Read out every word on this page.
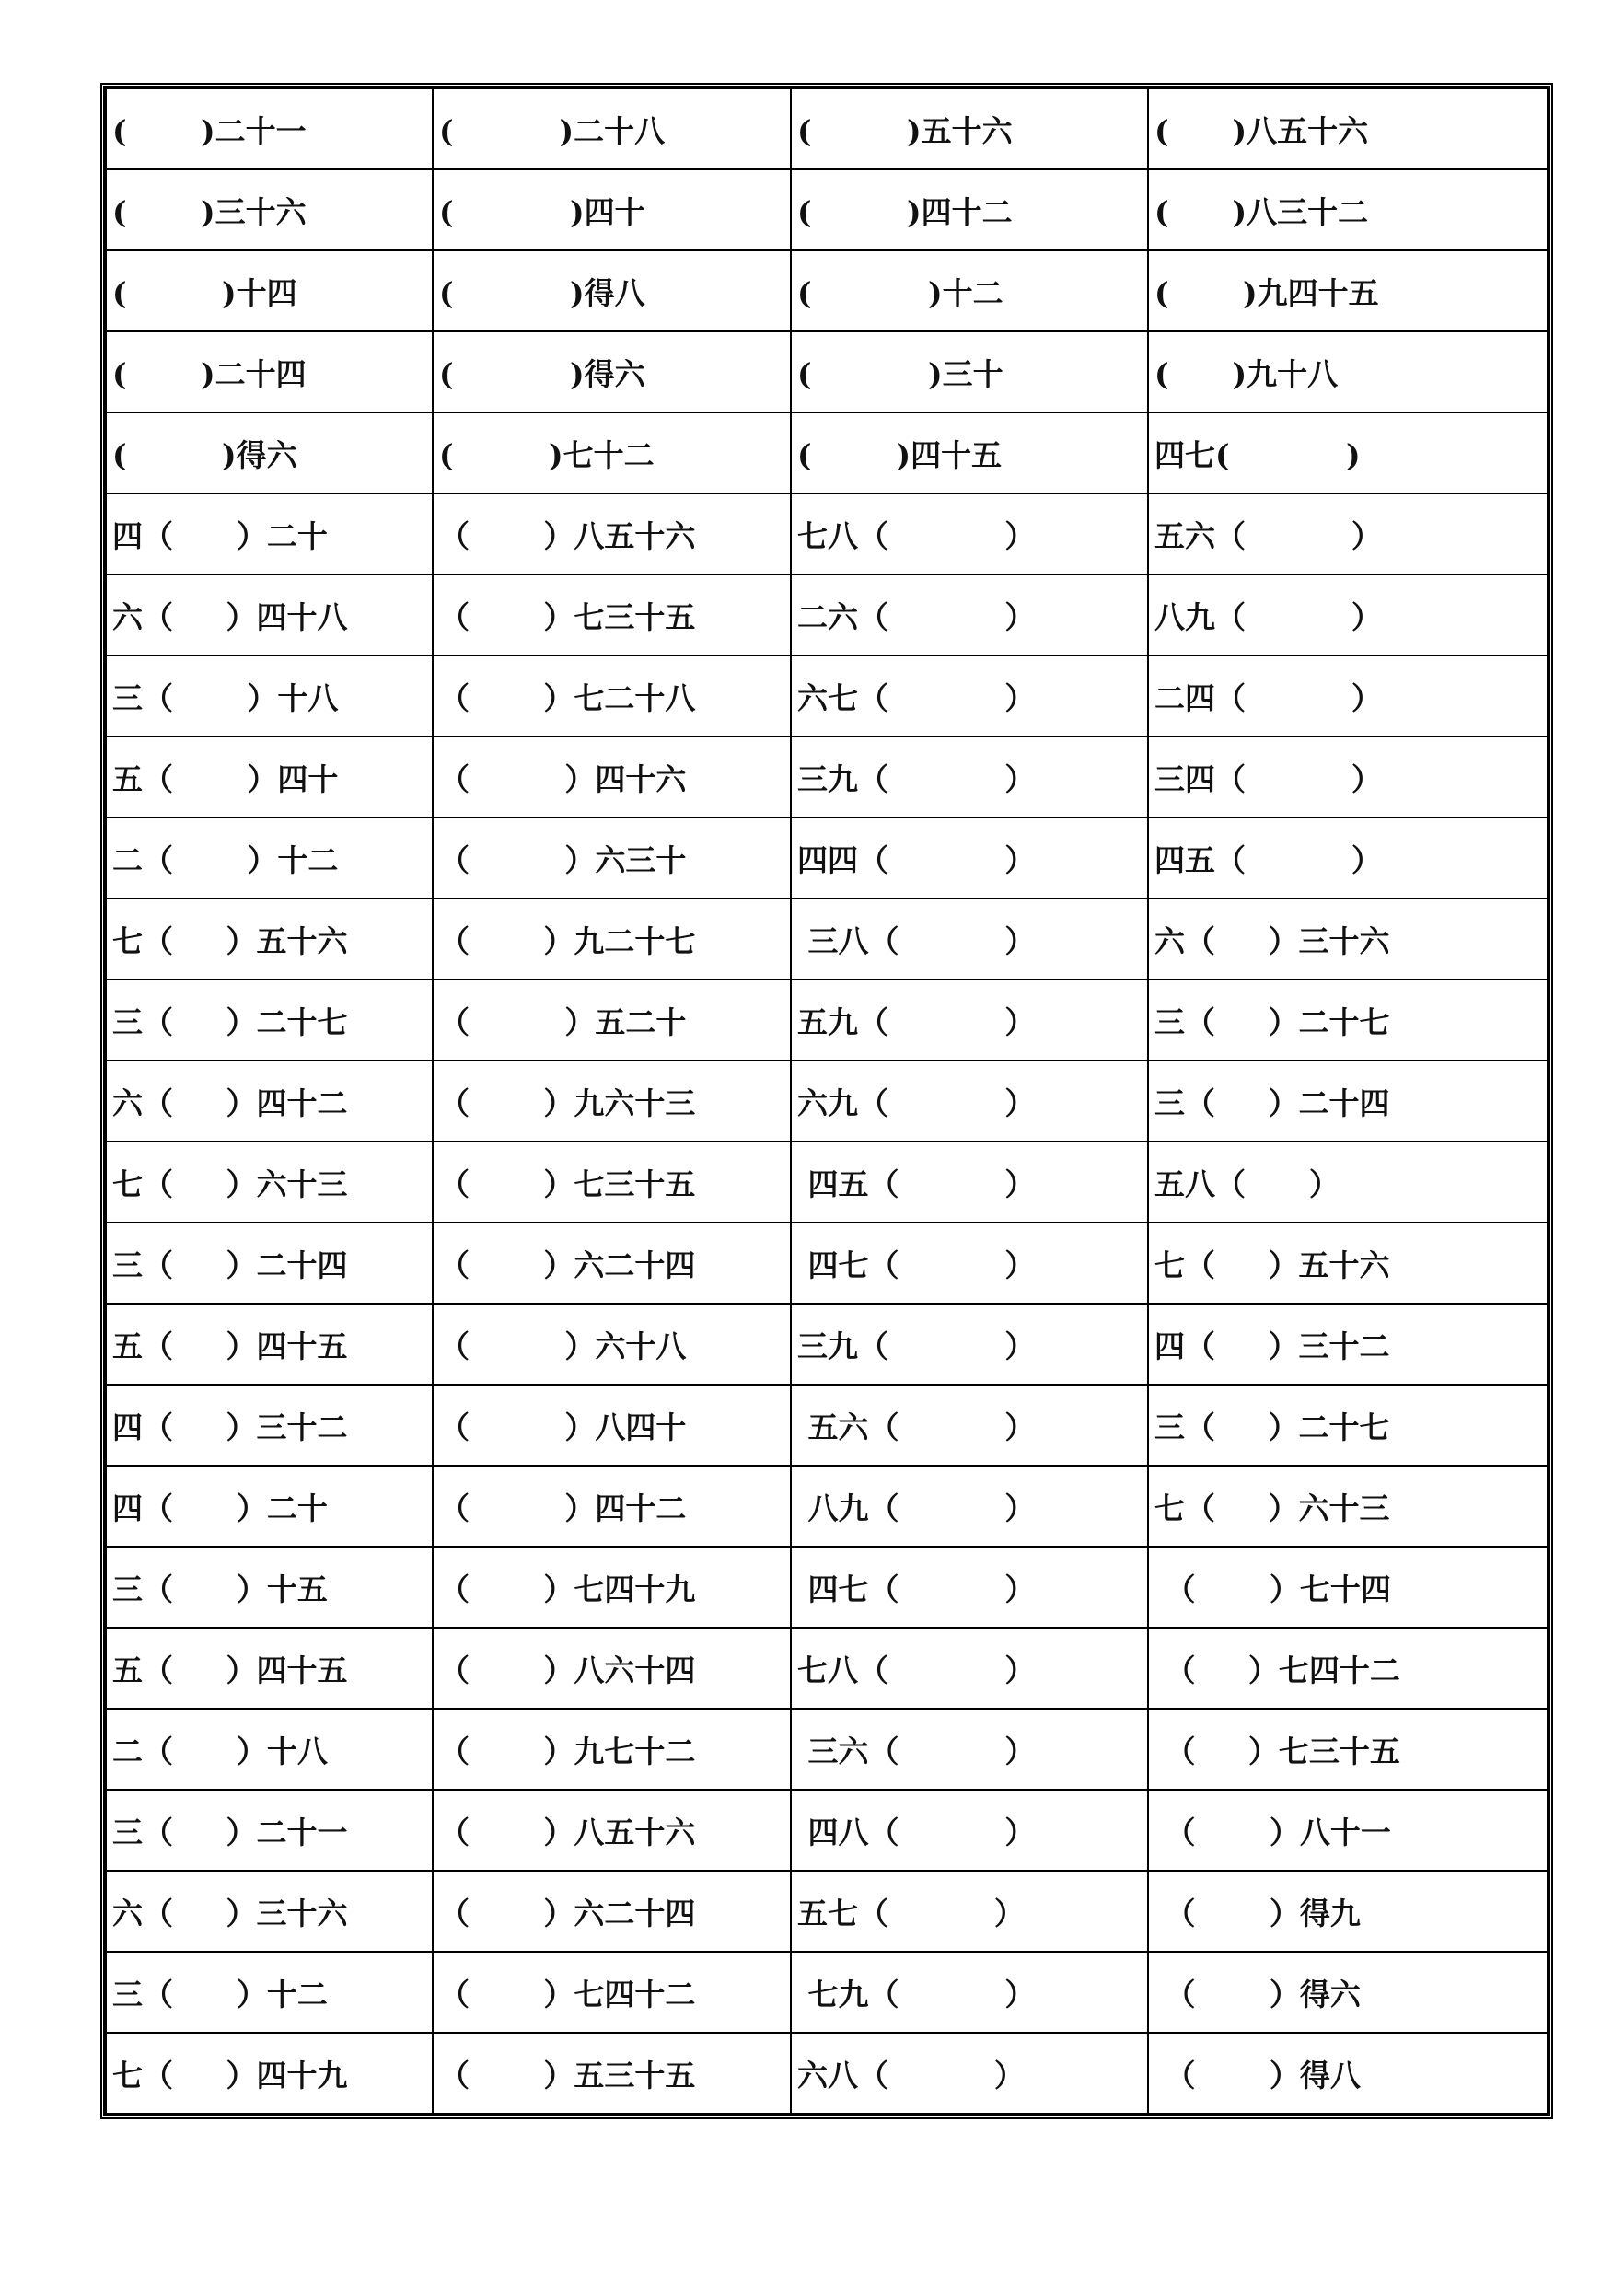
(       )二十一	(          )二十八	(         )五十六	(      )八五十六
(       )三十六	(           )四十	(         )四十二	(      )八三十二
(         )十四	(           )得八	(           )十二	(       )九四十五
(       )二十四	(           )得六	(           )三十	(      )九十八
(         )得六	(         )七十二	(        )四十五	四七(           )
四（      ）二十	（       ）八五十六	七八（           ）	五六（          ）
六（     ）四十八	（       ）七三十五	二六（           ）	八九（          ）
三（       ）十八	（       ）七二十八	六七（           ）	二四（          ）
五（       ）四十	（         ）四十六	三九（           ）	三四（          ）
二（       ）十二	（         ）六三十	四四（           ）	四五（          ）
七（     ）五十六	（       ）九二十七	三八（          ）	六（     ）三十六
三（     ）二十七	（         ）五二十	五九（           ）	三（     ）二十七
六（     ）四十二	（       ）九六十三	六九（           ）	三（     ）二十四
七（     ）六十三	（       ）七三十五	四五（          ）	五八（      ）
三（     ）二十四	（       ）六二十四	四七（          ）	七（     ）五十六
五（     ）四十五	（         ）六十八	三九（           ）	四（     ）三十二
四（     ）三十二	（         ）八四十	五六（          ）	三（     ）二十七
四（      ）二十	（         ）四十二	八九（          ）	七（     ）六十三
三（      ）十五	（       ）七四十九	四七（          ）	（       ）七十四
五（     ）四十五	（       ）八六十四	七八（           ）	（     ）七四十二
二（      ）十八	（       ）九七十二	三六（          ）	（     ）七三十五
三（     ）二十一	（       ）八五十六	四八（          ）	（       ）八十一
六（     ）三十六	（       ）六二十四	五七（          ）	（       ）得九
三（      ）十二	（       ）七四十二	七九（          ）	（       ）得六
七（     ）四十九	（       ）五三十五	六八（          ）	（       ）得八
